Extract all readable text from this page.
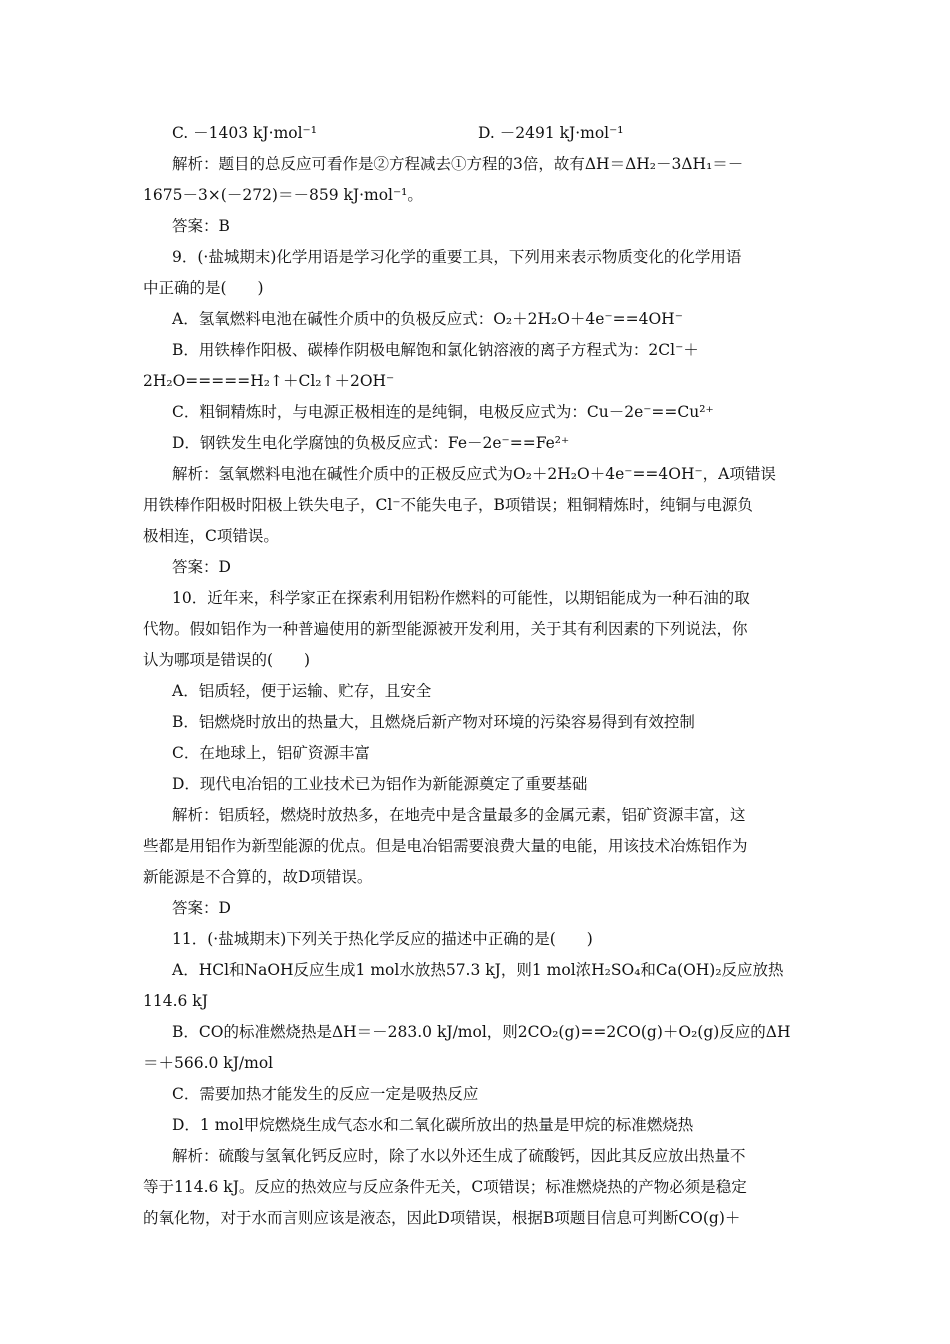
C. －1403 kJ·mol⁻¹	D. －2491 kJ·mol⁻¹
解析：题目的总反应可看作是②方程减去①方程的3倍，故有ΔH＝ΔH₂－3ΔH₁＝－
1675－3×(－272)＝－859 kJ·mol⁻¹。
答案：B
9．(·盐城期末)化学用语是学习化学的重要工具，下列用来表示物质变化的化学用语
中正确的是(　　)
A．氢氧燃料电池在碱性介质中的负极反应式：O₂＋2H₂O＋4e⁻==4OH⁻
B．用铁棒作阳极、碳棒作阴极电解饱和氯化钠溶液的离子方程式为：2Cl⁻＋
2H₂O=====H₂↑＋Cl₂↑＋2OH⁻
C．粗铜精炼时，与电源正极相连的是纯铜，电极反应式为：Cu－2e⁻==Cu²⁺
D．钢铁发生电化学腐蚀的负极反应式：Fe－2e⁻==Fe²⁺
解析：氢氧燃料电池在碱性介质中的正极反应式为O₂＋2H₂O＋4e⁻==4OH⁻，A项错误
用铁棒作阳极时阳极上铁失电子，Cl⁻不能失电子，B项错误；粗铜精炼时，纯铜与电源负
极相连，C项错误。
答案：D
10．近年来，科学家正在探索利用铝粉作燃料的可能性，以期铝能成为一种石油的取
代物。假如铝作为一种普遍使用的新型能源被开发利用，关于其有利因素的下列说法，你
认为哪项是错误的(　　)
A．铝质轻，便于运输、贮存，且安全
B．铝燃烧时放出的热量大，且燃烧后新产物对环境的污染容易得到有效控制
C．在地球上，铝矿资源丰富
D．现代电冶铝的工业技术已为铝作为新能源奠定了重要基础
解析：铝质轻，燃烧时放热多，在地壳中是含量最多的金属元素，铝矿资源丰富，这
些都是用铝作为新型能源的优点。但是电冶铝需要浪费大量的电能，用该技术冶炼铝作为
新能源是不合算的，故D项错误。
答案：D
11．(·盐城期末)下列关于热化学反应的描述中正确的是(　　)
A．HCl和NaOH反应生成1 mol水放热57.3 kJ，则1 mol浓H₂SO₄和Ca(OH)₂反应放热
114.6 kJ
B．CO的标准燃烧热是ΔH＝－283.0 kJ/mol，则2CO₂(g)==2CO(g)＋O₂(g)反应的ΔH
＝＋566.0 kJ/mol
C．需要加热才能发生的反应一定是吸热反应
D．1 mol甲烷燃烧生成气态水和二氧化碳所放出的热量是甲烷的标准燃烧热
解析：硫酸与氢氧化钙反应时，除了水以外还生成了硫酸钙，因此其反应放出热量不
等于114.6 kJ。反应的热效应与反应条件无关，C项错误；标准燃烧热的产物必须是稳定
的氧化物，对于水而言则应该是液态，因此D项错误，根据B项题目信息可判断CO(g)＋
